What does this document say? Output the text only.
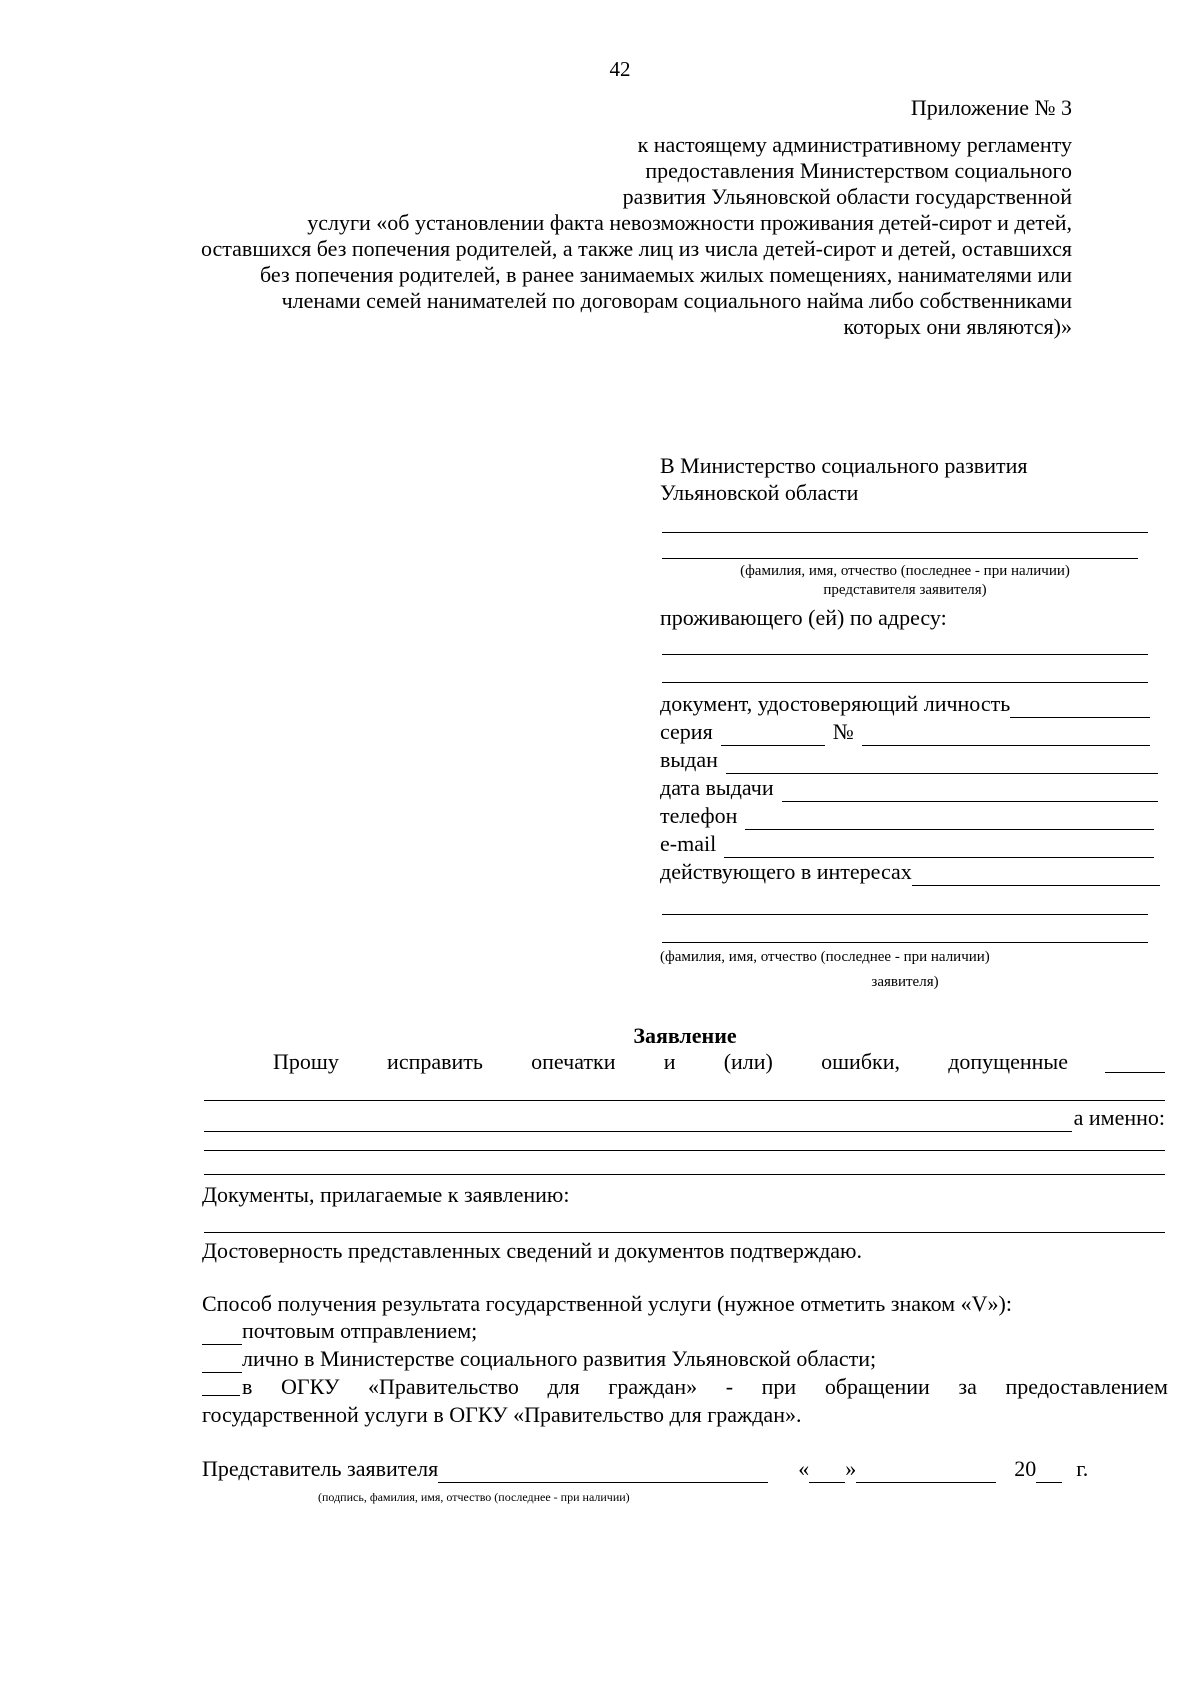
42
Приложение № 3
к настоящему административному регламенту
предоставления Министерством социального
развития Ульяновской области государственной
услуги «об установлении факта невозможности проживания детей-сирот и детей,
оставшихся без попечения родителей, а также лиц из числа детей-сирот и детей, оставшихся
без попечения родителей, в ранее занимаемых жилых помещениях, нанимателями или
членами семей нанимателей по договорам социального найма либо собственниками
которых они являются)»
В Министерство социального развития
Ульяновской области
(фамилия, имя, отчество (последнее - при наличии)
представителя заявителя)
проживающего (ей) по адресу:
документ, удостоверяющий личность
серия	№
выдан
дата выдачи
телефон
e-mail
действующего в интересах
(фамилия, имя, отчество (последнее - при наличии)
заявителя)
Заявление
Прошу исправить опечатки и (или) ошибки, допущенные
а именно:
Документы, прилагаемые к заявлению:
Достоверность представленных сведений и документов подтверждаю.
Способ получения результата государственной услуги (нужное отметить знаком «V»):
почтовым отправлением;
лично в Министерстве социального развития Ульяновской области;
в ОГКУ «Правительство для граждан» - при обращении за предоставлением
государственной услуги в ОГКУ «Правительство для граждан».
Представитель заявителя	« »	20 г.
(подпись, фамилия, имя, отчество (последнее - при наличии)
